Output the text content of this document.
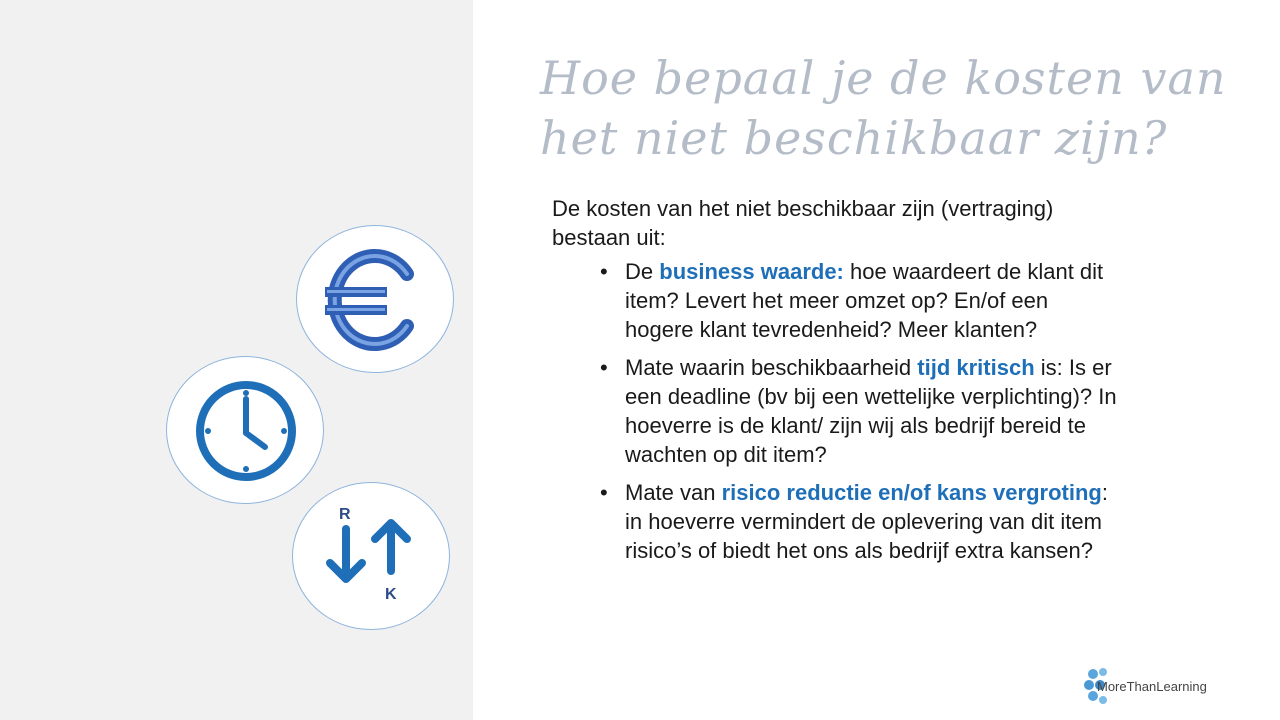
R
K
Hoe bepaal je de kosten van
het niet beschikbaar zijn?
De kosten van het niet beschikbaar zijn (vertraging) bestaan uit:
• De business waarde: hoe waardeert de klant dit item? Levert het meer omzet op? En/of een hogere klant tevredenheid? Meer klanten?
• Mate waarin beschikbaarheid tijd kritisch is: Is er een deadline (bv bij een wettelijke verplichting)? In hoeverre is de klant/ zijn wij als bedrijf bereid te wachten op dit item?
• Mate van risico reductie en/of kans vergroting: in hoeverre vermindert de oplevering van dit item risico’s of biedt het ons als bedrijf extra kansen?
MoreThanLearning
